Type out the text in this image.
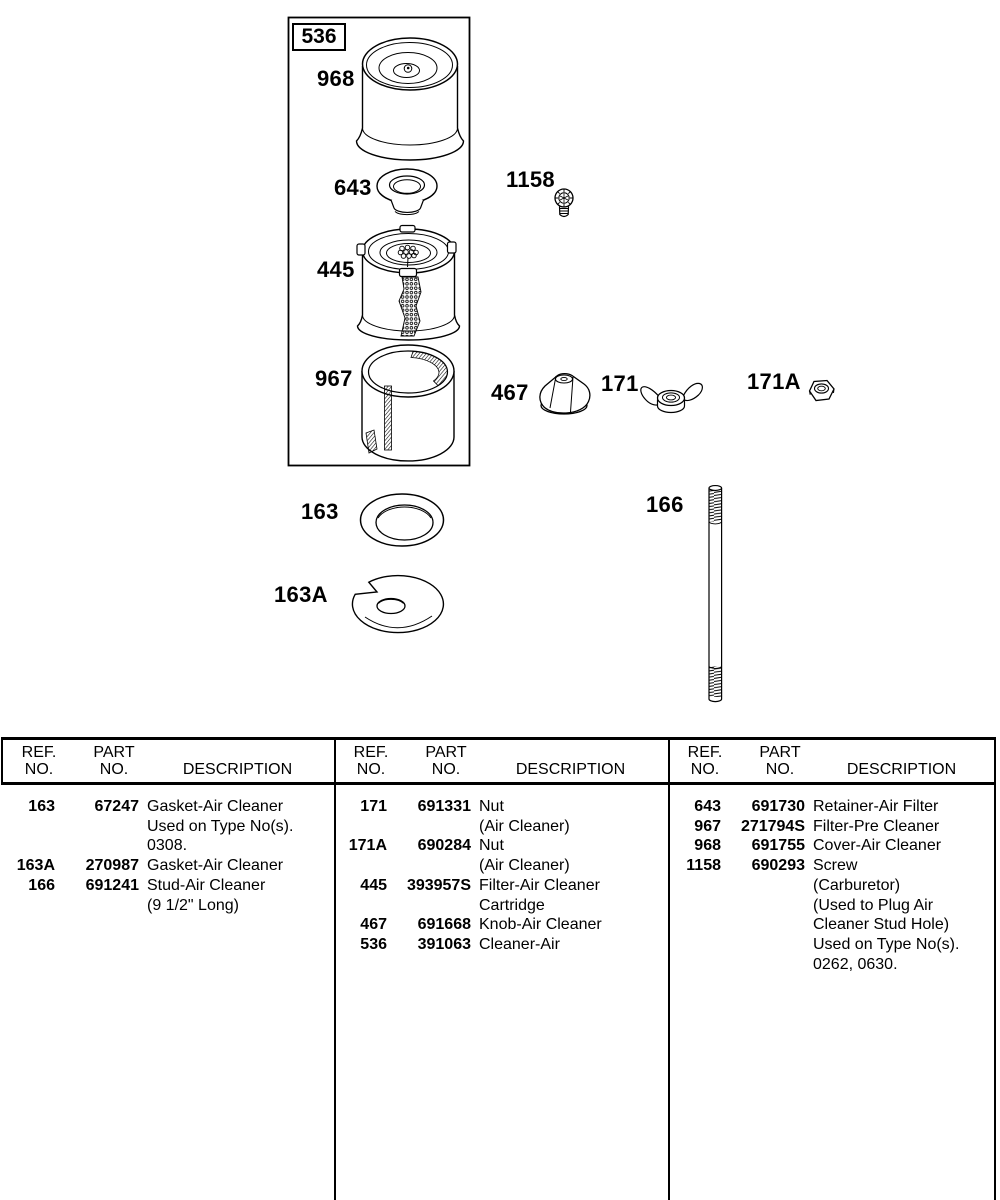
536
968
643
445
967
163
163A
1158
467	171	171A
166
REF.
NO.
PART
NO.	DESCRIPTION
163	67247 Gasket-Air Cleaner
Used on Type No(s).
0308.
163A	270987 Gasket-Air Cleaner
166	691241 Stud-Air Cleaner
(9 1/2" Long)
REF.
NO.
PART
NO.	DESCRIPTION
171	691331 Nut
(Air Cleaner)
171A	690284 Nut
(Air Cleaner)
445	393957S Filter-Air Cleaner
Cartridge
467	691668 Knob-Air Cleaner
536	391063 Cleaner-Air
REF.
NO.
PART
NO.	DESCRIPTION
643	691730 Retainer-Air Filter
967	271794S Filter-Pre Cleaner
968	691755 Cover-Air Cleaner
1158	690293 Screw
(Carburetor)
(Used to Plug Air
Cleaner Stud Hole)
Used on Type No(s).
0262, 0630.
